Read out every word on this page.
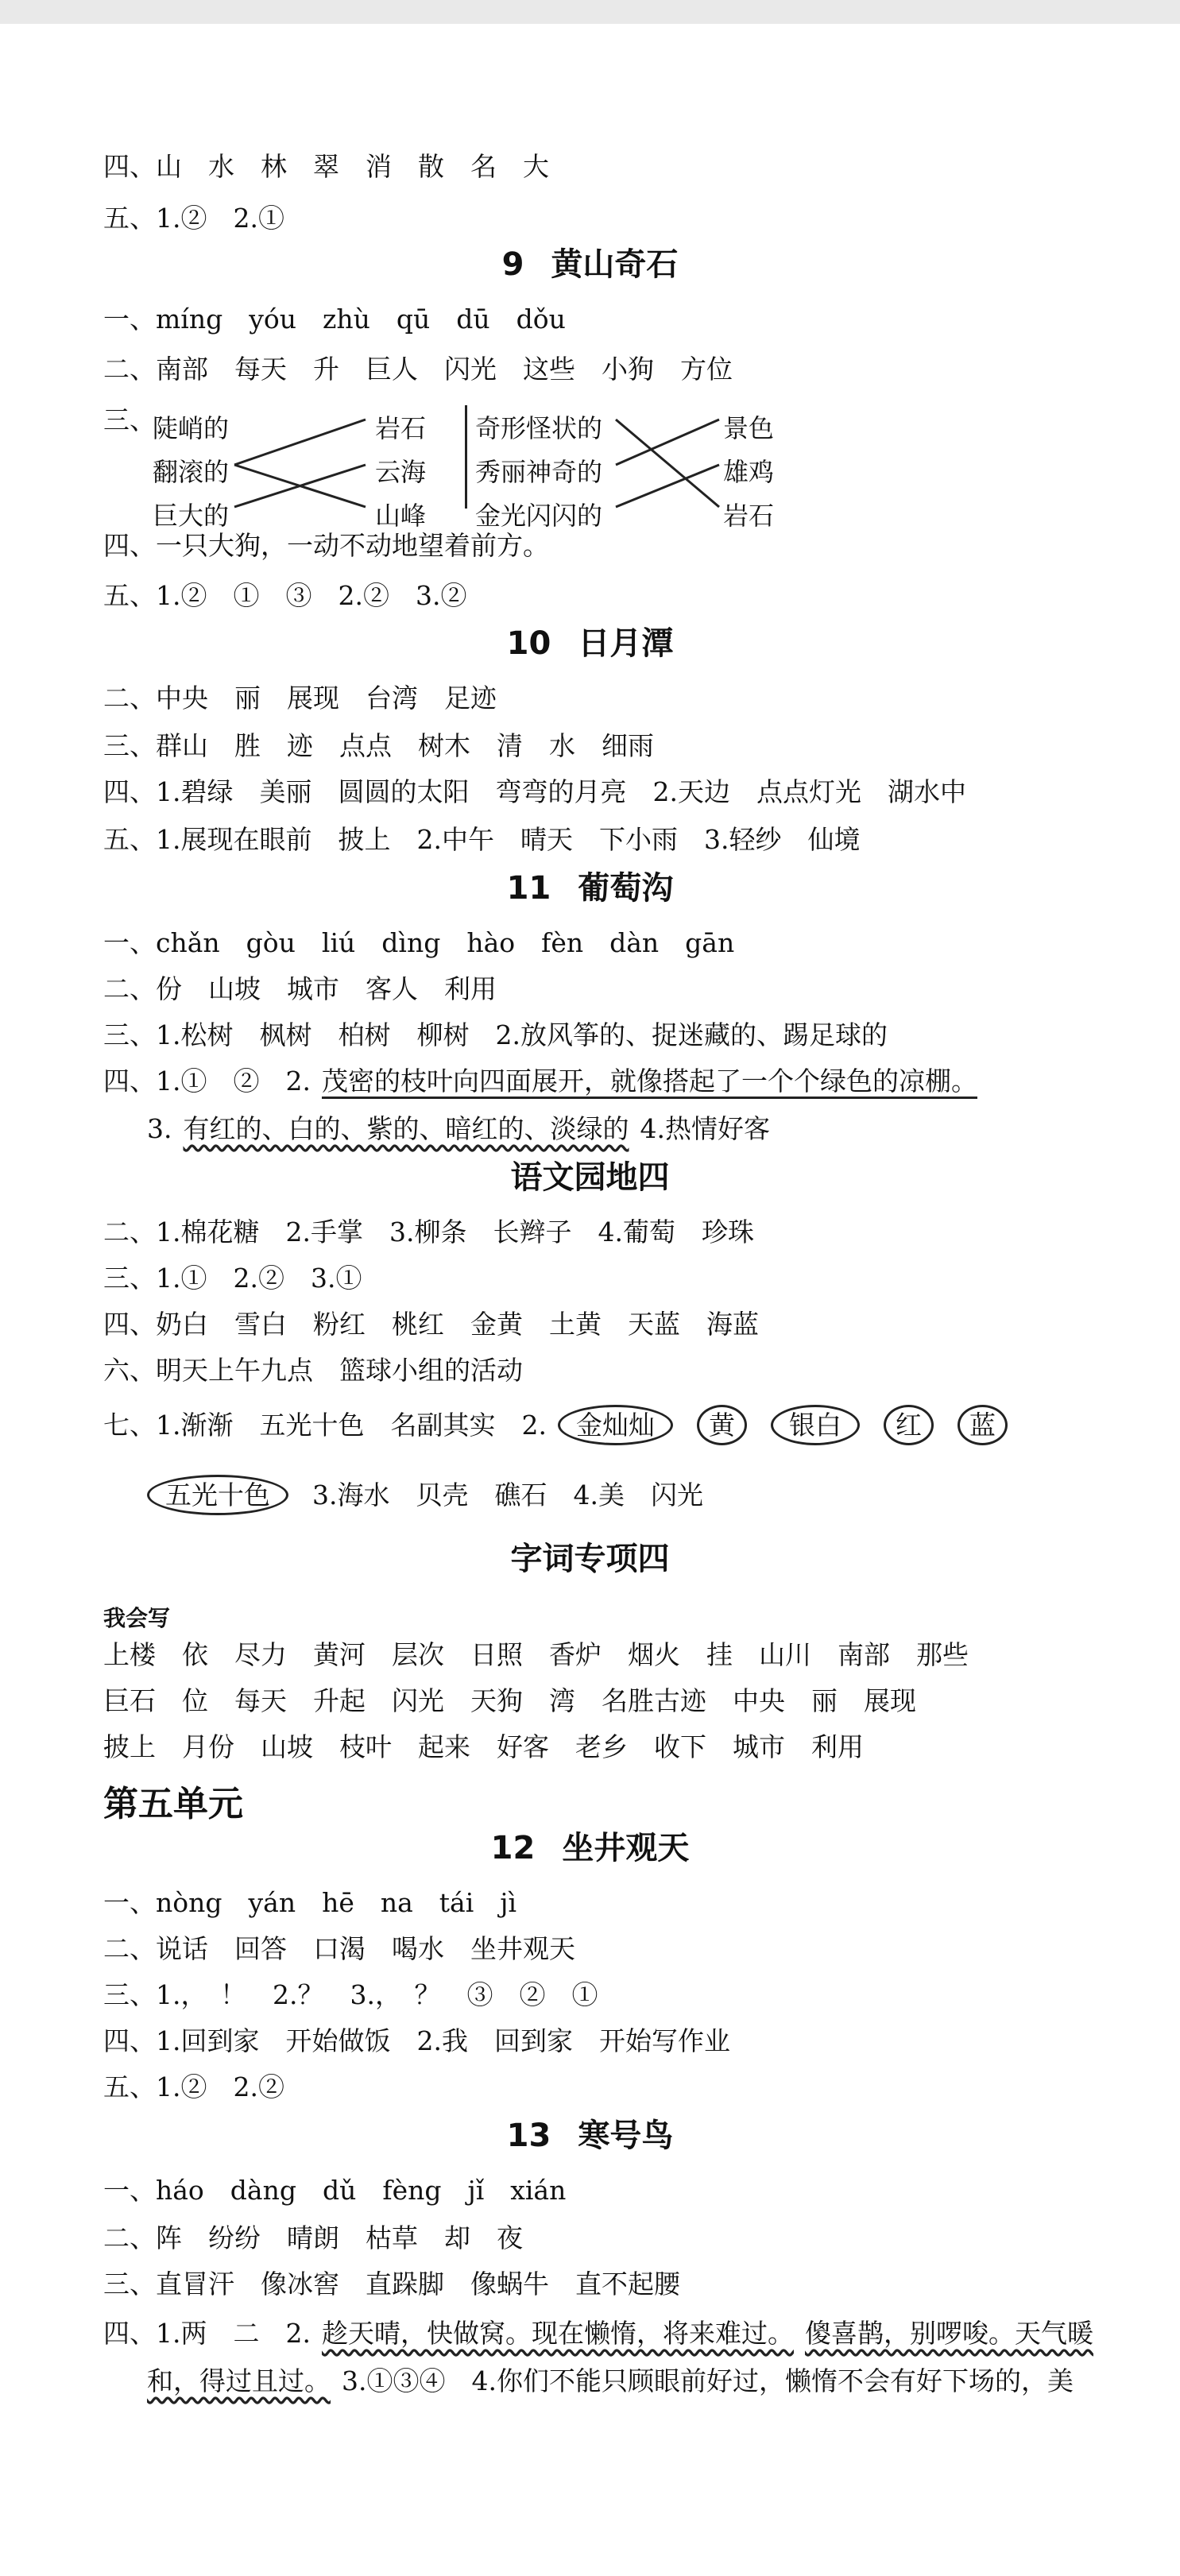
四、山　水　林　翠　消　散　名　大
五、1.②　2.①
9 黄山奇石
一、míng　yóu　zhù　qū　dū　dǒu
二、南部　每天　升　巨人　闪光　这些　小狗　方位
三、
陡峭的
翻滚的
巨大的
岩石
云海
山峰
奇形怪状的
秀丽神奇的
金光闪闪的
景色
雄鸡
岩石
四、一只大狗，一动不动地望着前方。
五、1.②　①　③　2.②　3.②
10 日月潭
二、中央　丽　展现　台湾　足迹
三、群山　胜　迹　点点　树木　清　水　细雨
四、1.碧绿　美丽　圆圆的太阳　弯弯的月亮　2.天边　点点灯光　湖水中
五、1.展现在眼前　披上　2.中午　晴天　下小雨　3.轻纱　仙境
11 葡萄沟
一、chǎn　gòu　liú　dìng　hào　fèn　dàn　gān
二、份　山坡　城市　客人　利用
三、1.松树　枫树　柏树　柳树　2.放风筝的、捉迷藏的、踢足球的
四、1.①　②　2. 茂密的枝叶向四面展开，就像搭起了一个个绿色的凉棚。
3. 有红的、白的、紫的、暗红的、淡绿的 4.热情好客
语文园地四
二、1.棉花糖　2.手掌　3.柳条　长辫子　4.葡萄　珍珠
三、1.①　2.②　3.①
四、奶白　雪白　粉红　桃红　金黄　土黄　天蓝　海蓝
六、明天上午九点　篮球小组的活动
七、1.渐渐　五光十色　名副其实　2. 金灿灿 黄 银白 红 蓝
五光十色 3.海水　贝壳　礁石　4.美　闪光
字词专项四
我会写
上楼　依　尽力　黄河　层次　日照　香炉　烟火　挂　山川　南部　那些
巨石　位　每天　升起　闪光　天狗　湾　名胜古迹　中央　丽　展现
披上　月份　山坡　枝叶　起来　好客　老乡　收下　城市　利用
第五单元
12 坐井观天
一、nòng　yán　hē　na　tái　jì
二、说话　回答　口渴　喝水　坐井观天
三、1.，　！　2.？　3.，　？　③　②　①
四、1.回到家　开始做饭　2.我　回到家　开始写作业
五、1.②　2.②
13 寒号鸟
一、háo　dàng　dǔ　fèng　jǐ　xián
二、阵　纷纷　晴朗　枯草　却　夜
三、直冒汗　像冰窖　直跺脚　像蜗牛　直不起腰
四、1.两　二　2. 趁天晴，快做窝。现在懒惰，将来难过。 傻喜鹊，别啰唆。天气暖
和，得过且过。 3.①③④　4.你们不能只顾眼前好过，懒惰不会有好下场的，美
